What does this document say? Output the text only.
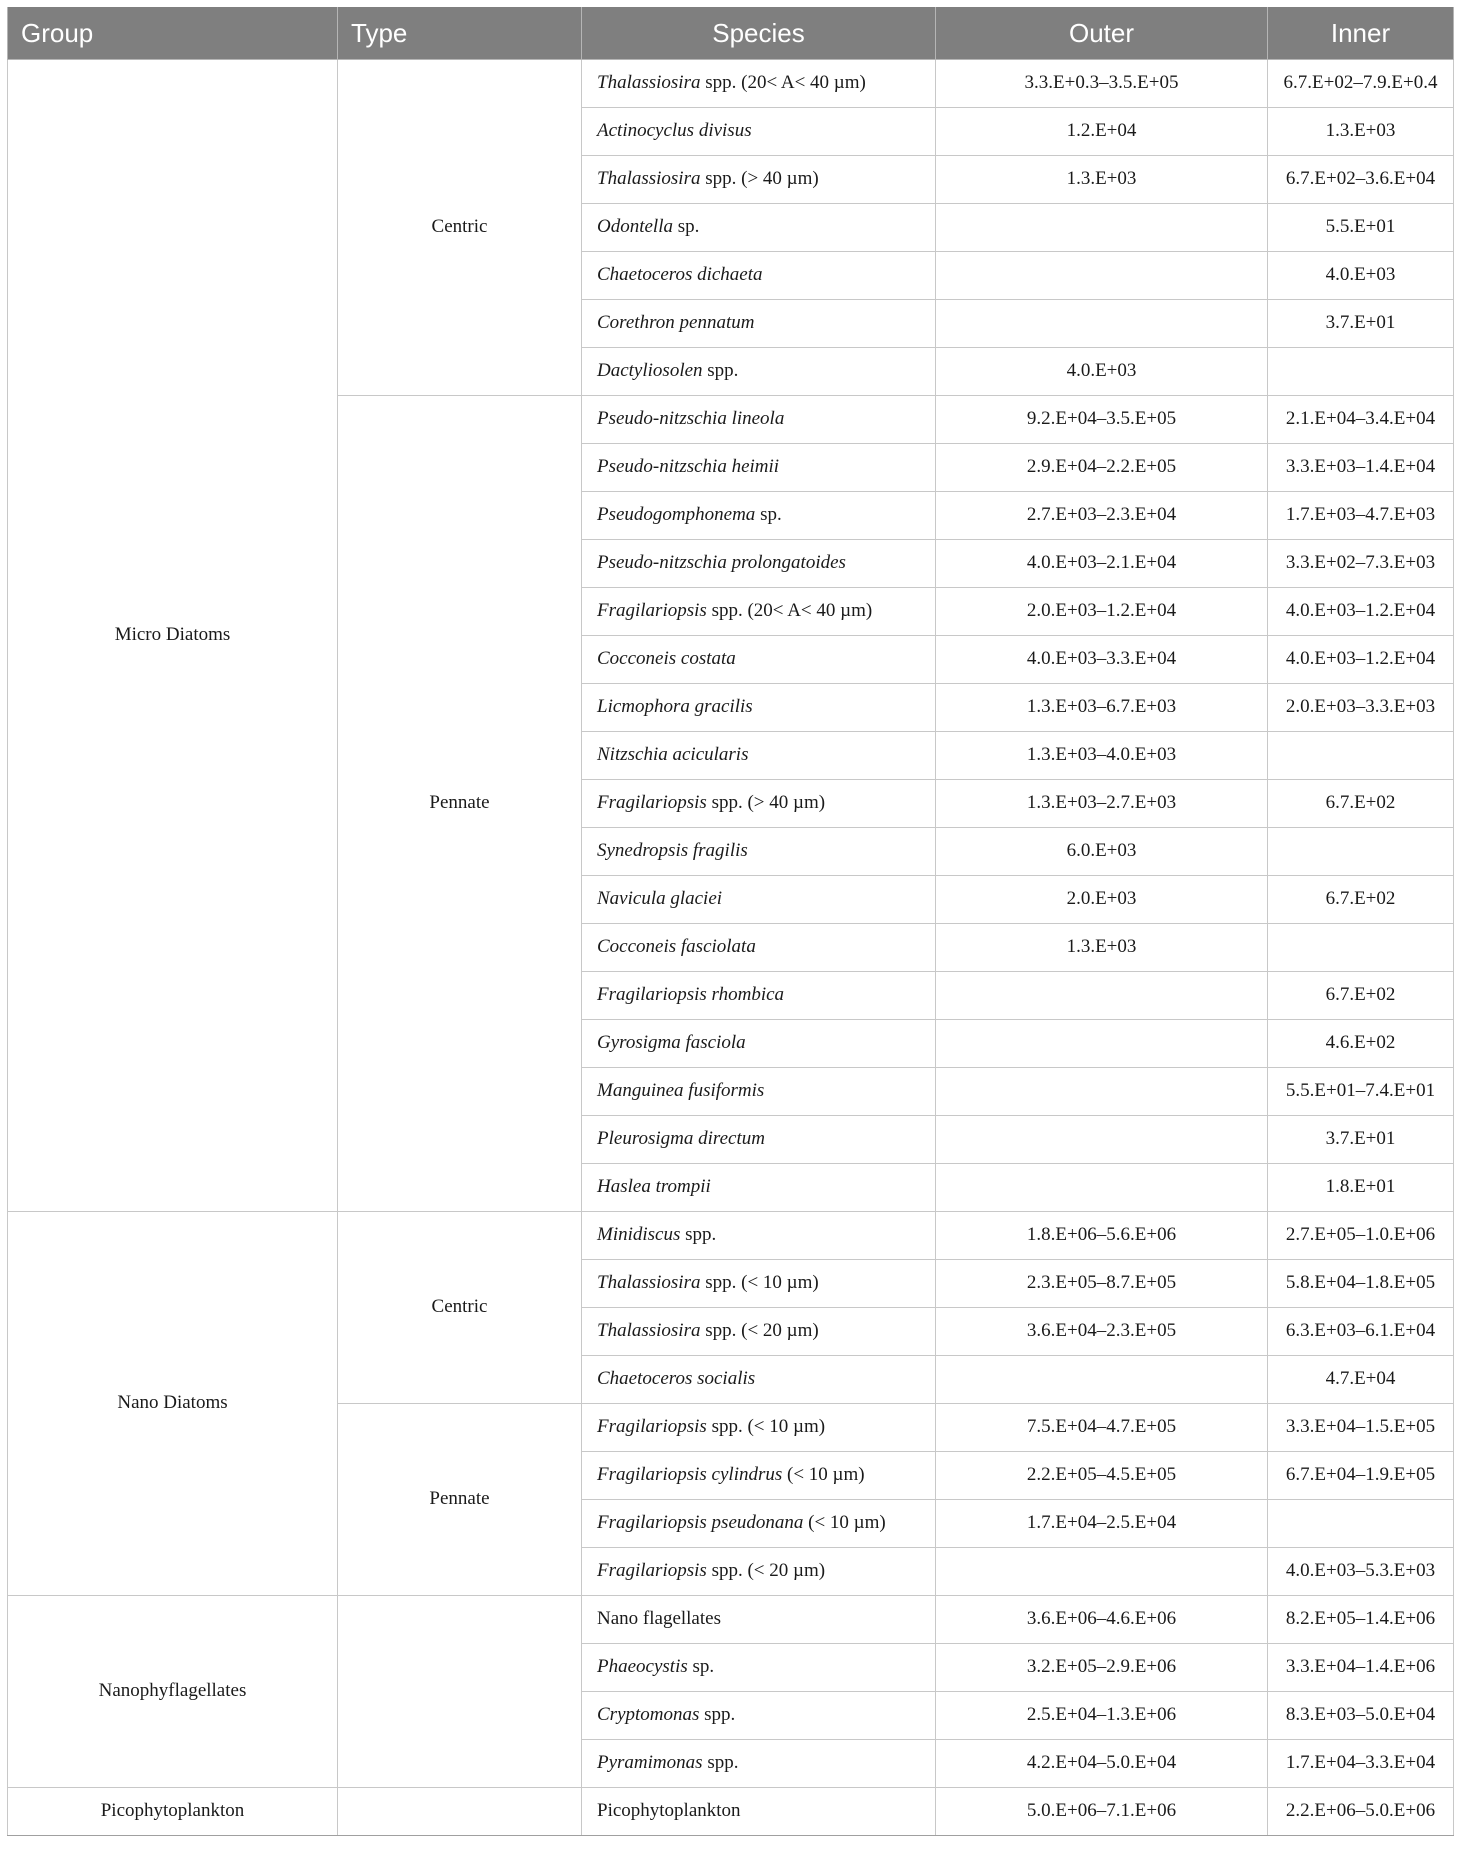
Group	Type	Species	Outer	Inner
Micro Diatoms	Centric	Thalassiosira spp. (20< A< 40 µm)	3.3.E+0.3–3.5.E+05	6.7.E+02–7.9.E+0.4
		Actinocyclus divisus	1.2.E+04	1.3.E+03
		Thalassiosira spp. (> 40 µm)	1.3.E+03	6.7.E+02–3.6.E+04
		Odontella sp.		5.5.E+01
		Chaetoceros dichaeta		4.0.E+03
		Corethron pennatum		3.7.E+01
		Dactyliosolen spp.	4.0.E+03	
	Pennate	Pseudo-nitzschia lineola	9.2.E+04–3.5.E+05	2.1.E+04–3.4.E+04
		Pseudo-nitzschia heimii	2.9.E+04–2.2.E+05	3.3.E+03–1.4.E+04
		Pseudogomphonema sp.	2.7.E+03–2.3.E+04	1.7.E+03–4.7.E+03
		Pseudo-nitzschia prolongatoides	4.0.E+03–2.1.E+04	3.3.E+02–7.3.E+03
		Fragilariopsis spp. (20< A< 40 µm)	2.0.E+03–1.2.E+04	4.0.E+03–1.2.E+04
		Cocconeis costata	4.0.E+03–3.3.E+04	4.0.E+03–1.2.E+04
		Licmophora gracilis	1.3.E+03–6.7.E+03	2.0.E+03–3.3.E+03
		Nitzschia acicularis	1.3.E+03–4.0.E+03	
		Fragilariopsis spp. (> 40 µm)	1.3.E+03–2.7.E+03	6.7.E+02
		Synedropsis fragilis	6.0.E+03	
		Navicula glaciei	2.0.E+03	6.7.E+02
		Cocconeis fasciolata	1.3.E+03	
		Fragilariopsis rhombica		6.7.E+02
		Gyrosigma fasciola		4.6.E+02
		Manguinea fusiformis		5.5.E+01–7.4.E+01
		Pleurosigma directum		3.7.E+01
		Haslea trompii		1.8.E+01
Nano Diatoms	Centric	Minidiscus spp.	1.8.E+06–5.6.E+06	2.7.E+05–1.0.E+06
		Thalassiosira spp. (< 10 µm)	2.3.E+05–8.7.E+05	5.8.E+04–1.8.E+05
		Thalassiosira spp. (< 20 µm)	3.6.E+04–2.3.E+05	6.3.E+03–6.1.E+04
		Chaetoceros socialis		4.7.E+04
	Pennate	Fragilariopsis spp. (< 10 µm)	7.5.E+04–4.7.E+05	3.3.E+04–1.5.E+05
		Fragilariopsis cylindrus (< 10 µm)	2.2.E+05–4.5.E+05	6.7.E+04–1.9.E+05
		Fragilariopsis pseudonana (< 10 µm)	1.7.E+04–2.5.E+04	
		Fragilariopsis spp. (< 20 µm)		4.0.E+03–5.3.E+03
Nanophyflagellates		Nano flagellates	3.6.E+06–4.6.E+06	8.2.E+05–1.4.E+06
		Phaeocystis sp.	3.2.E+05–2.9.E+06	3.3.E+04–1.4.E+06
		Cryptomonas spp.	2.5.E+04–1.3.E+06	8.3.E+03–5.0.E+04
		Pyramimonas spp.	4.2.E+04–5.0.E+04	1.7.E+04–3.3.E+04
Picophytoplankton		Picophytoplankton	5.0.E+06–7.1.E+06	2.2.E+06–5.0.E+06
